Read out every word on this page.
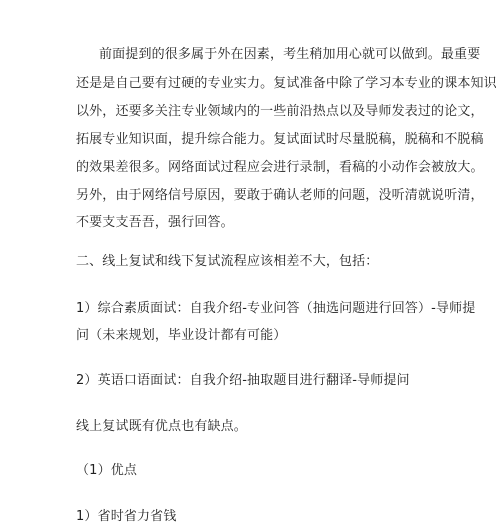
前面提到的很多属于外在因素，考生稍加用心就可以做到。最重要
还是是自己要有过硬的专业实力。复试准备中除了学习本专业的课本知识
以外，还要多关注专业领域内的一些前沿热点以及导师发表过的论文，
拓展专业知识面，提升综合能力。复试面试时尽量脱稿，脱稿和不脱稿
的效果差很多。网络面试过程应会进行录制，看稿的小动作会被放大。
另外，由于网络信号原因，要敢于确认老师的问题，没听清就说听清，
不要支支吾吾，强行回答。
二、线上复试和线下复试流程应该相差不大，包括：
1）综合素质面试：自我介绍-专业问答（抽选问题进行回答）-导师提
问（未来规划，毕业设计都有可能）
2）英语口语面试：自我介绍-抽取题目进行翻译-导师提问
线上复试既有优点也有缺点。
（1）优点
1）省时省力省钱
